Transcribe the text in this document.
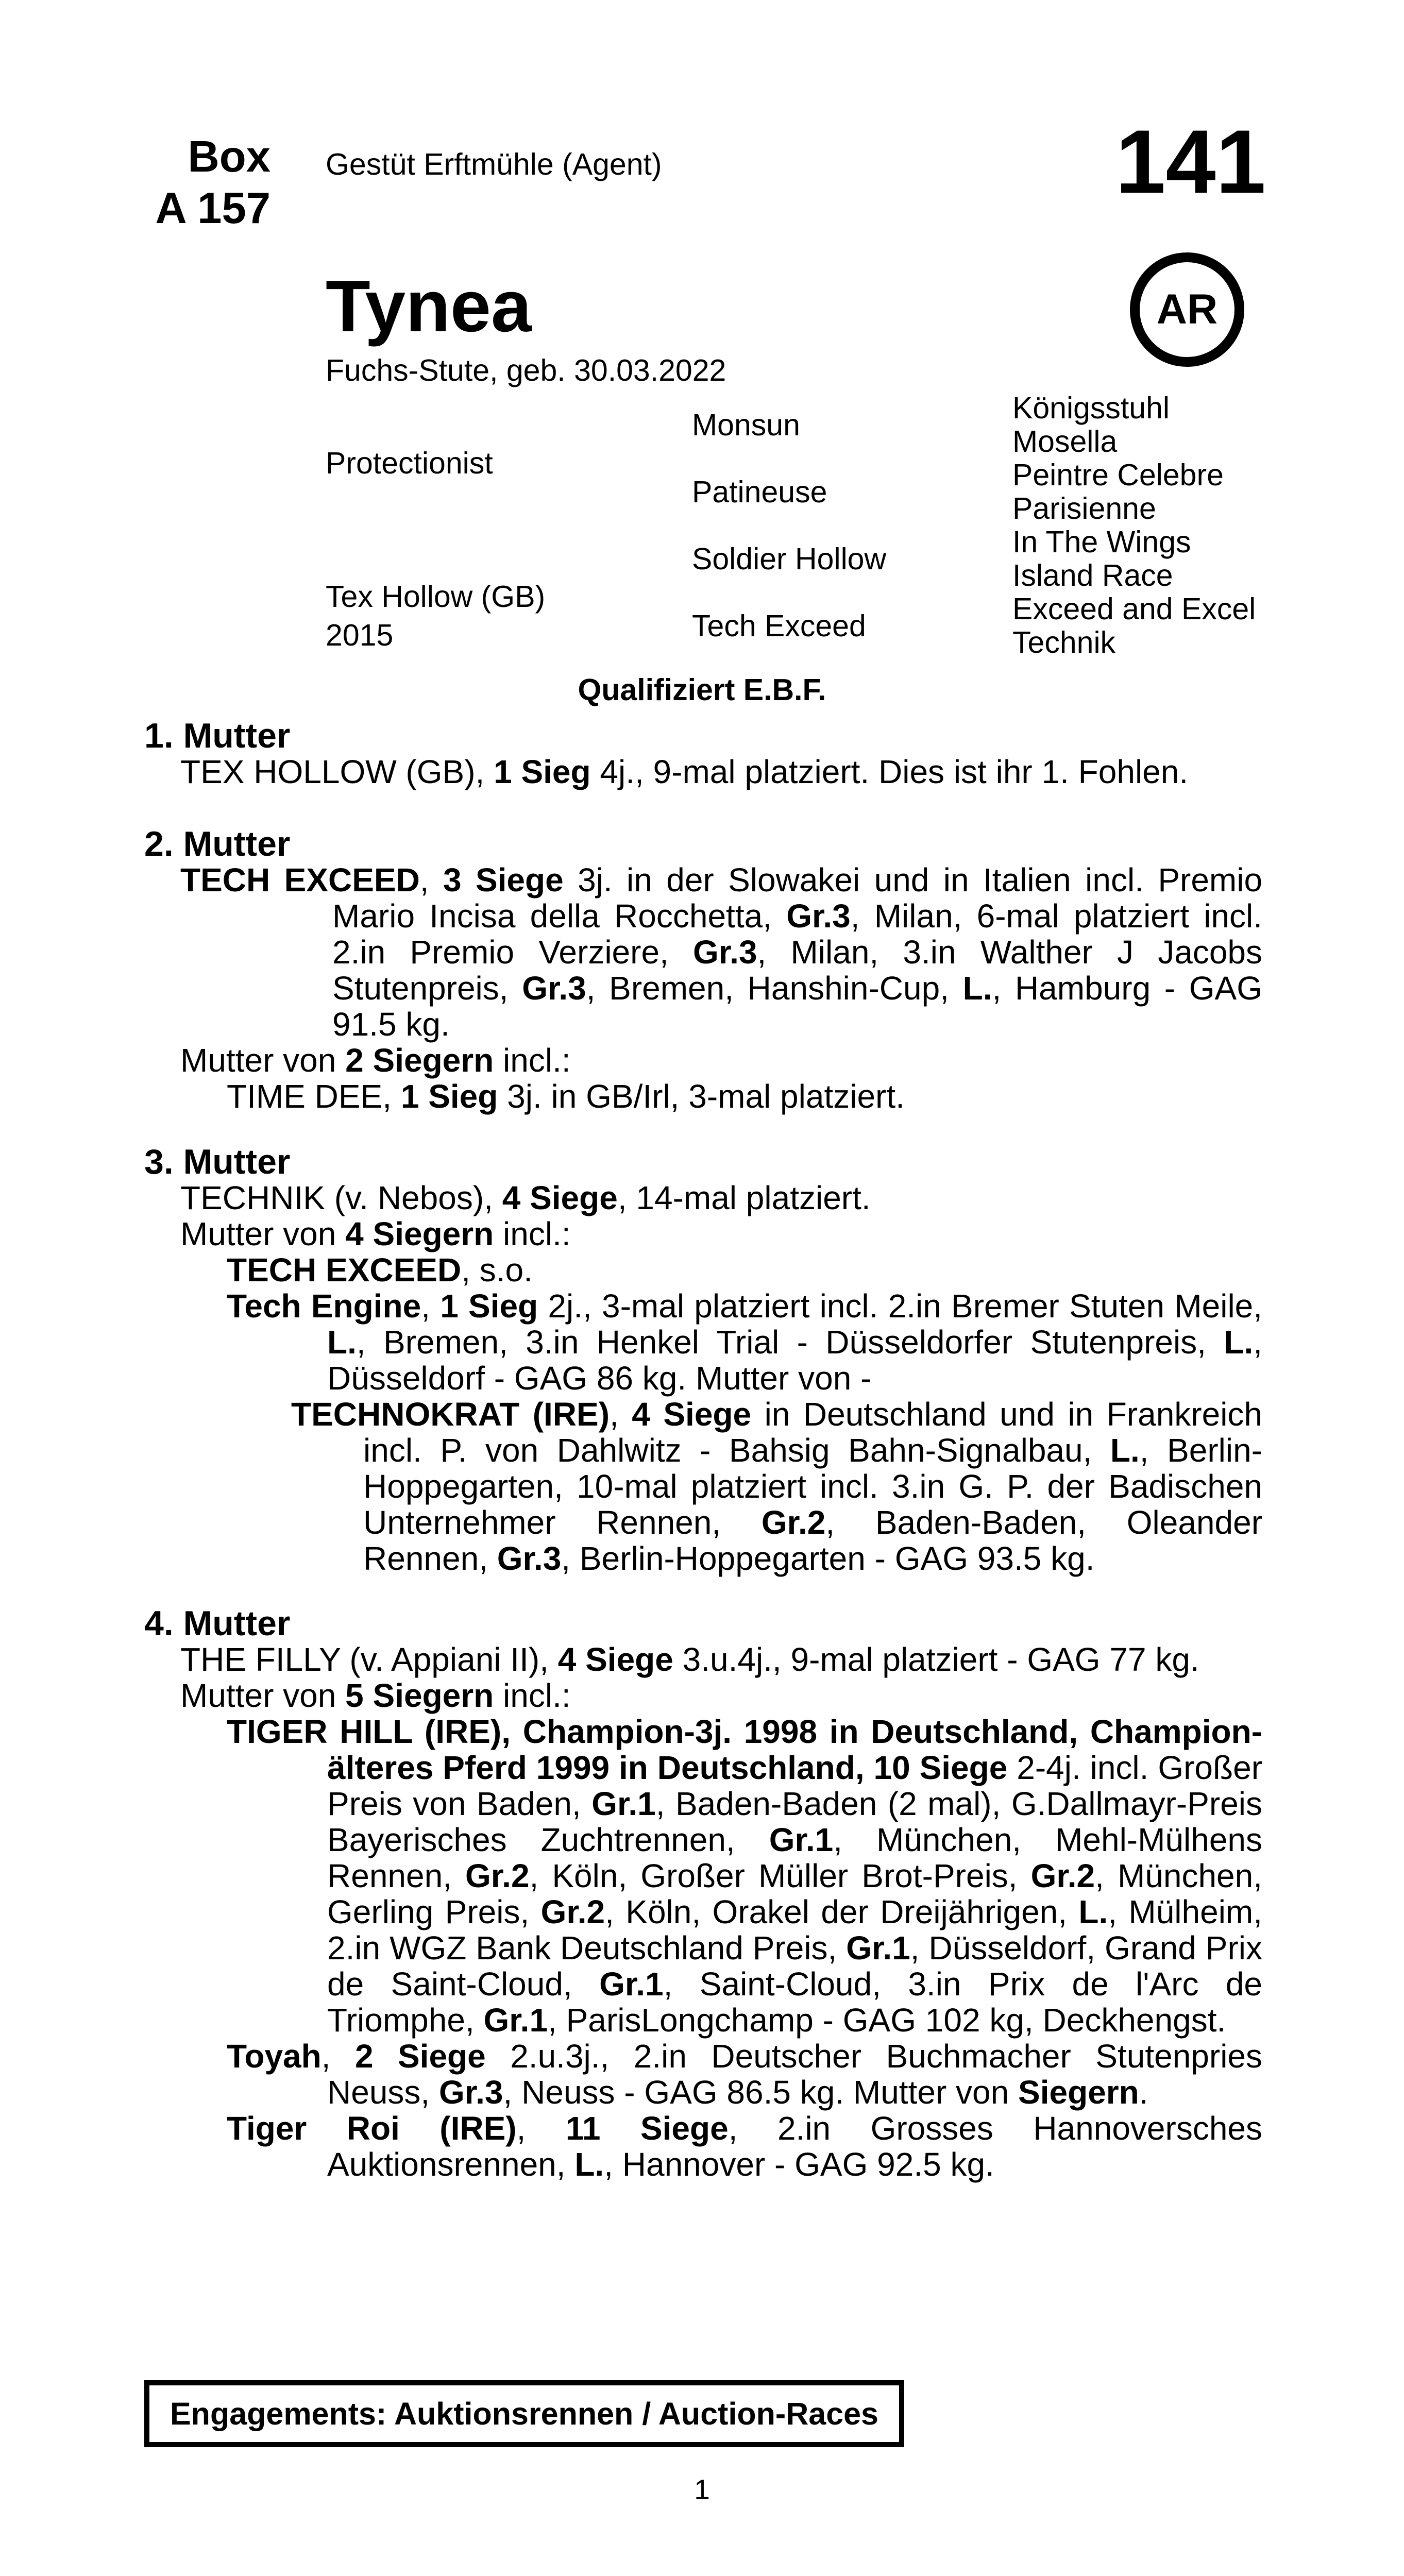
Box
A 157
Gestüt Erftmühle (Agent)	141
AR
Tynea
Fuchs-Stute, geb. 30.03.2022
Protectionist
Tex Hollow (GB)
2015
Monsun
Patineuse
Soldier Hollow
Tech Exceed
Königsstuhl
Mosella
Peintre Celebre
Parisienne
In The Wings
Island Race
Exceed and Excel
Technik
Qualifiziert E.B.F.
1. Mutter

TEX HOLLOW (GB), 1 Sieg 4j., 9-mal platziert. Dies ist ihr 1. Fohlen.

2. Mutter

TECH EXCEED, 3 Siege 3j. in der Slowakei und in Italien incl. Premio Mario Incisa della Rocchetta, Gr.3, Milan, 6-mal platziert incl. 2.in Premio Verziere, Gr.3, Milan, 3.in Walther J Jacobs Stutenpreis, Gr.3, Bremen, Hanshin-Cup, L., Hamburg - GAG 91.5 kg.

Mutter von 2 Siegern incl.:

TIME DEE, 1 Sieg 3j. in GB/Irl, 3-mal platziert.

3. Mutter

TECHNIK (v. Nebos), 4 Siege, 14-mal platziert.

Mutter von 4 Siegern incl.:

TECH EXCEED, s.o.

Tech Engine, 1 Sieg 2j., 3-mal platziert incl. 2.in Bremer Stuten Meile, L., Bremen, 3.in Henkel Trial - Düsseldorfer Stutenpreis, L., Düsseldorf - GAG 86 kg. Mutter von -

TECHNOKRAT (IRE), 4 Siege in Deutschland und in Frankreich incl. P. von Dahlwitz - Bahsig Bahn-Signalbau, L., Berlin-Hoppegarten, 10-mal platziert incl. 3.in G. P. der Badischen Unternehmer Rennen, Gr.2, Baden-Baden, Oleander Rennen, Gr.3, Berlin-Hoppegarten - GAG 93.5 kg.

4. Mutter

THE FILLY (v. Appiani II), 4 Siege 3.u.4j., 9-mal platziert - GAG 77 kg.

Mutter von 5 Siegern incl.:

TIGER HILL (IRE), Champion-3j. 1998 in Deutschland, Champion-älteres Pferd 1999 in Deutschland, 10 Siege 2-4j. incl. Großer Preis von Baden, Gr.1, Baden-Baden (2 mal), G.Dallmayr-Preis Bayerisches Zuchtrennen, Gr.1, München, Mehl-Mülhens Rennen, Gr.2, Köln, Großer Müller Brot-Preis, Gr.2, München, Gerling Preis, Gr.2, Köln, Orakel der Dreijährigen, L., Mülheim, 2.in WGZ Bank Deutschland Preis, Gr.1, Düsseldorf, Grand Prix de Saint-Cloud, Gr.1, Saint-Cloud, 3.in Prix de l'Arc de Triomphe, Gr.1, ParisLongchamp - GAG 102 kg, Deckhengst.

Toyah, 2 Siege 2.u.3j., 2.in Deutscher Buchmacher Stutenpries Neuss, Gr.3, Neuss - GAG 86.5 kg. Mutter von Siegern.

Tiger Roi (IRE), 11 Siege, 2.in Grosses Hannoversches Auktionsrennen, L., Hannover - GAG 92.5 kg.

Engagements: Auktionsrennen / Auction-Races
1
